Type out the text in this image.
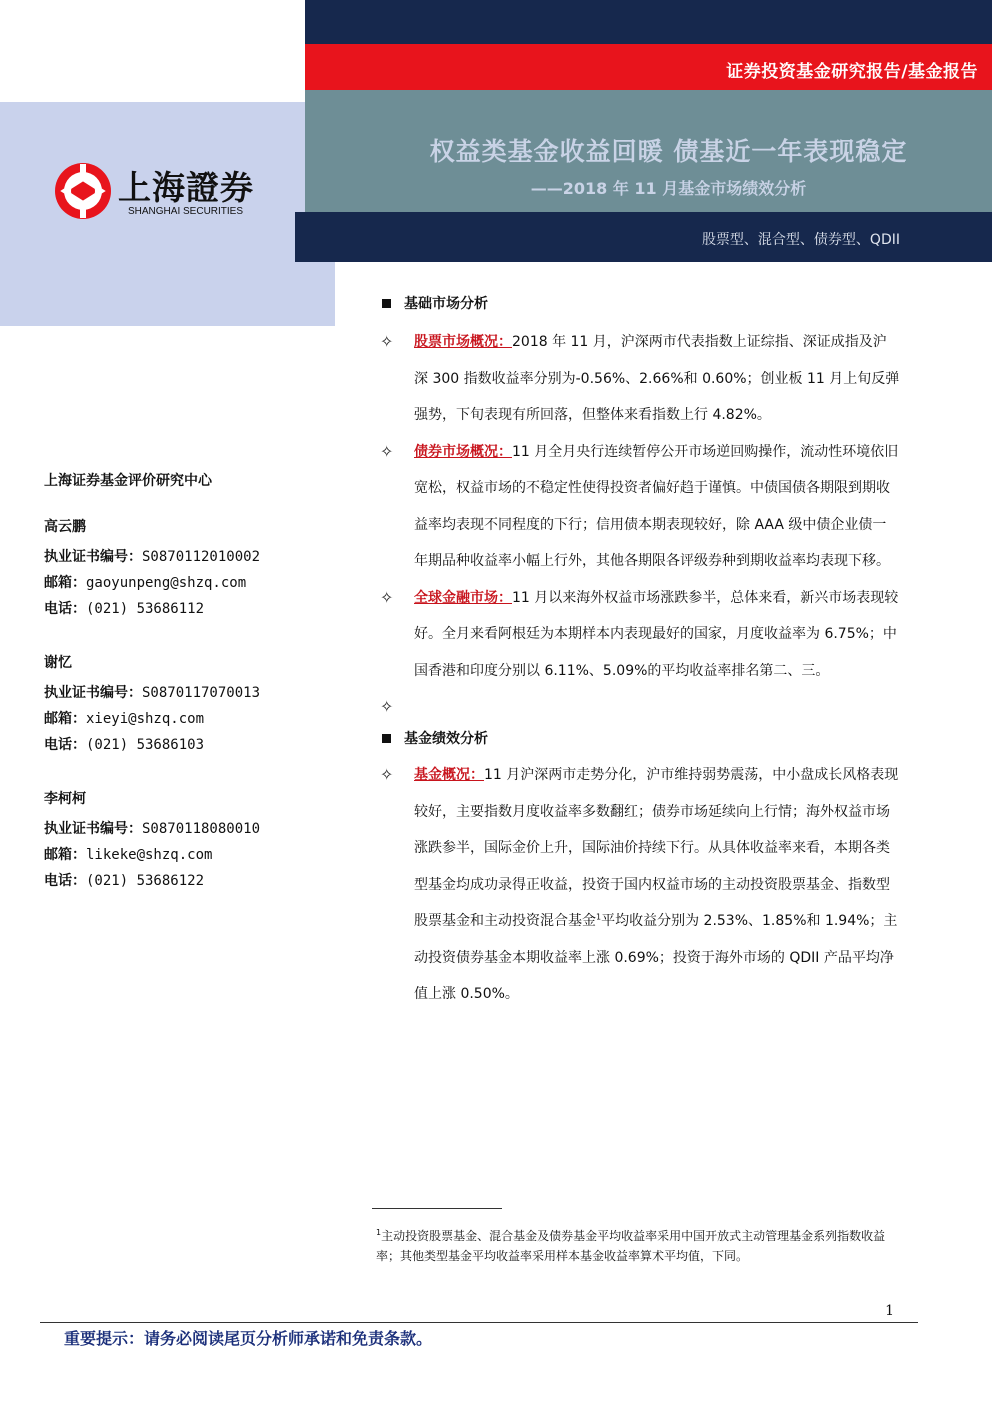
证券投资基金研究报告/基金报告
权益类基金收益回暖 债基近一年表现稳定
——2018 年 11 月基金市场绩效分析
股票型、混合型、债券型、QDII
上海證券
SHANGHAI SECURITIES
上海证券基金评价研究中心
高云鹏
执业证书编号：S0870112010002
邮箱：gaoyunpeng@shzq.com
电话：(021) 53686112
谢忆
执业证书编号：S0870117070013
邮箱：xieyi@shzq.com
电话：(021) 53686103
李柯柯
执业证书编号：S0870118080010
邮箱：likeke@shzq.com
电话：(021) 53686122
基础市场分析
✧ 股票市场概况：2018 年 11 月，沪深两市代表指数上证综指、深证成指及沪深 300 指数收益率分别为-0.56%、2.66%和 0.60%；创业板 11 月上旬反弹强势，下旬表现有所回落，但整体来看指数上行 4.82%。
✧ 债券市场概况：11 月全月央行连续暂停公开市场逆回购操作，流动性环境依旧宽松，权益市场的不稳定性使得投资者偏好趋于谨慎。中债国债各期限到期收益率均表现不同程度的下行；信用债本期表现较好，除 AAA 级中债企业债一年期品种收益率小幅上行外，其他各期限各评级券种到期收益率均表现下移。
✧ 全球金融市场：11 月以来海外权益市场涨跌参半，总体来看，新兴市场表现较好。全月来看阿根廷为本期样本内表现最好的国家，月度收益率为 6.75%；中国香港和印度分别以 6.11%、5.09%的平均收益率排名第二、三。
✧
基金绩效分析
✧ 基金概况：11 月沪深两市走势分化，沪市维持弱势震荡，中小盘成长风格表现较好，主要指数月度收益率多数翻红；债券市场延续向上行情；海外权益市场涨跌参半，国际金价上升，国际油价持续下行。从具体收益率来看，本期各类型基金均成功录得正收益，投资于国内权益市场的主动投资股票基金、指数型股票基金和主动投资混合基金$^1$平均收益分别为 2.53%、1.85%和 1.94%；主动投资债券基金本期收益率上涨 0.69%；投资于海外市场的 QDII 产品平均净值上涨 0.50%。
$^1$主动投资股票基金、混合基金及债券基金平均收益率采用中国开放式主动管理基金系列指数收益率；其他类型基金平均收益率采用样本基金收益率算术平均值，下同。
1
重要提示：请务必阅读尾页分析师承诺和免责条款。
